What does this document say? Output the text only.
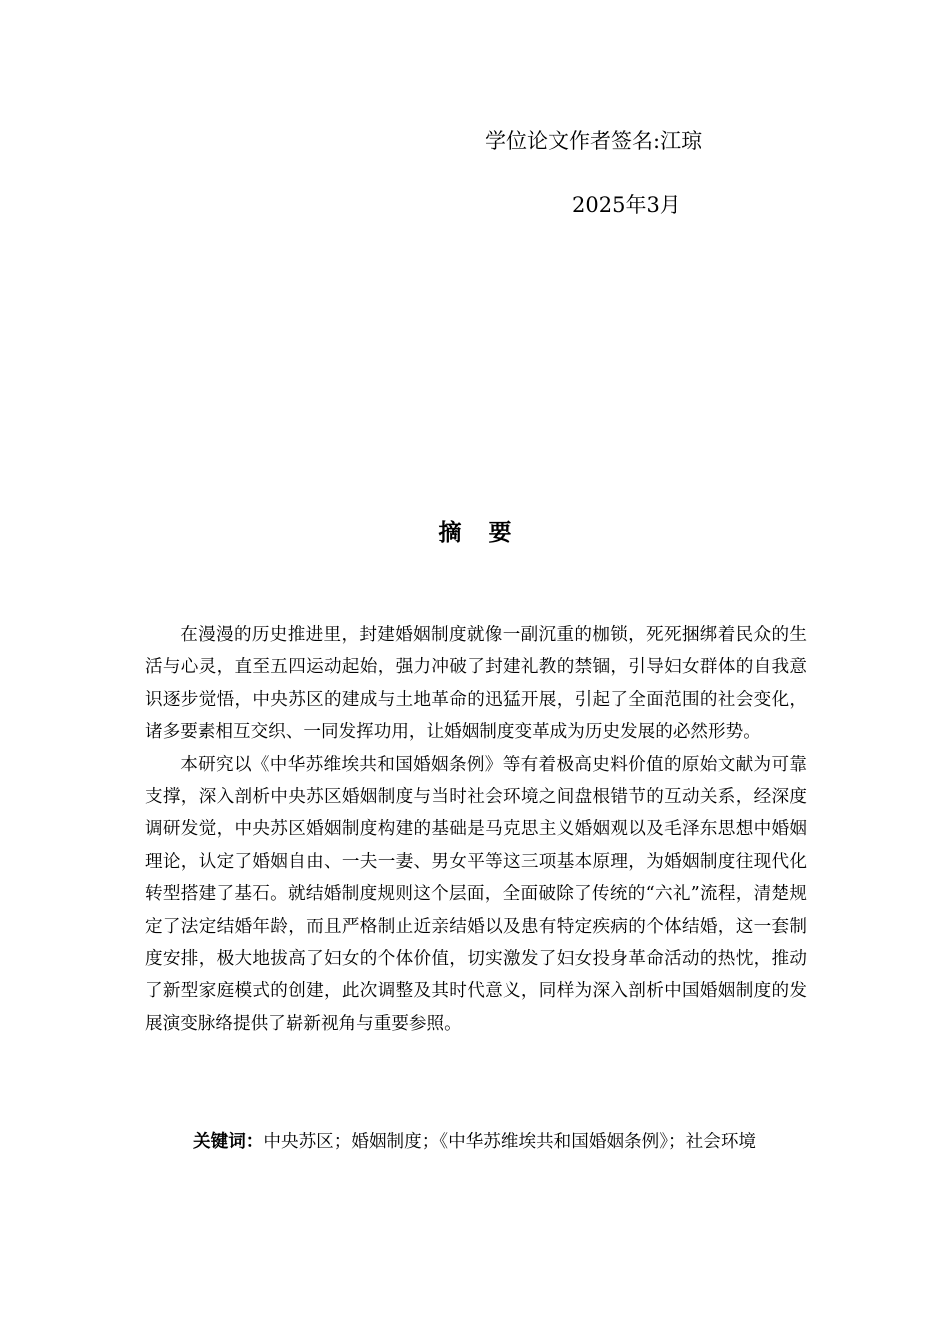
学位论文作者签名:江琼
2025年3月
摘要

在漫漫的历史推进里，封建婚姻制度就像一副沉重的枷锁，死死捆绑着民众的生活与心灵，直至五四运动起始，强力冲破了封建礼教的禁锢，引导妇女群体的自我意识逐步觉悟，中央苏区的建成与土地革命的迅猛开展，引起了全面范围的社会变化，诸多要素相互交织、一同发挥功用，让婚姻制度变革成为历史发展的必然形势。

本研究以《中华苏维埃共和国婚姻条例》等有着极高史料价值的原始文献为可靠支撑，深入剖析中央苏区婚姻制度与当时社会环境之间盘根错节的互动关系，经深度调研发觉，中央苏区婚姻制度构建的基础是马克思主义婚姻观以及毛泽东思想中婚姻理论，认定了婚姻自由、一夫一妻、男女平等这三项基本原理，为婚姻制度往现代化转型搭建了基石。就结婚制度规则这个层面，全面破除了传统的“六礼”流程，清楚规定了法定结婚年龄，而且严格制止近亲结婚以及患有特定疾病的个体结婚，这一套制度安排，极大地拔高了妇女的个体价值，切实激发了妇女投身革命活动的热忱，推动了新型家庭模式的创建，此次调整及其时代意义，同样为深入剖析中国婚姻制度的发展演变脉络提供了崭新视角与重要参照。

关键词：中央苏区；婚姻制度；《中华苏维埃共和国婚姻条例》；社会环境
